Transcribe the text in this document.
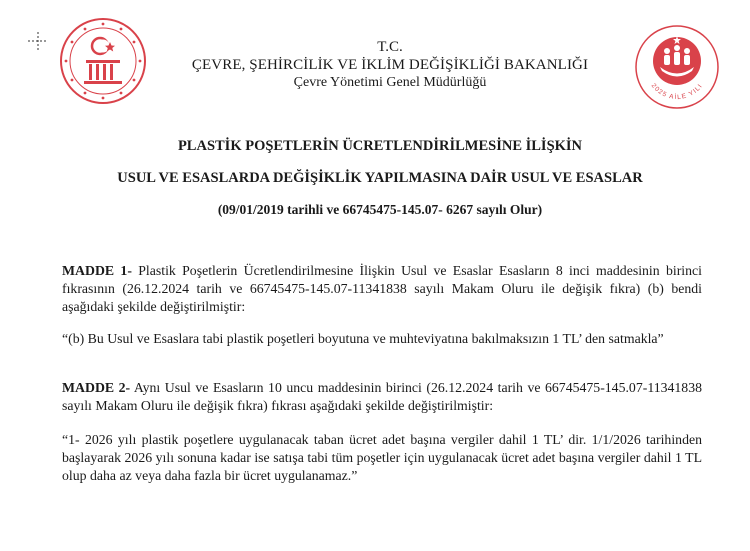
T.C.
ÇEVRE, ŞEHİRCİLİK VE İKLİM DEĞİŞİKLİĞİ BAKANLIĞI
Çevre Yönetimi Genel Müdürlüğü	2025 AİLE YILI
PLASTİK POŞETLERİN ÜCRETLENDİRİLMESİNE İLİŞKİN
USUL VE ESASLARDA DEĞİŞİKLİK YAPILMASINA DAİR USUL VE ESASLAR
(09/01/2019 tarihli ve 66745475-145.07- 6267 sayılı Olur)
MADDE 1- Plastik Poşetlerin Ücretlendirilmesine İlişkin Usul ve Esaslar Esasların 8 inci maddesinin birinci fıkrasının (26.12.2024 tarih ve 66745475-145.07-11341838 sayılı Makam Oluru ile değişik fıkra) (b) bendi aşağıdaki şekilde değiştirilmiştir:
“(b) Bu Usul ve Esaslara tabi plastik poşetleri boyutuna ve muhteviyatına bakılmaksızın 1 TL’ den satmakla”
MADDE 2- Aynı Usul ve Esasların 10 uncu maddesinin birinci (26.12.2024 tarih ve 66745475-145.07-11341838 sayılı Makam Oluru ile değişik fıkra) fıkrası aşağıdaki şekilde değiştirilmiştir:
“1- 2026 yılı plastik poşetlere uygulanacak taban ücret adet başına vergiler dahil 1 TL’ dir. 1/1/2026 tarihinden başlayarak 2026 yılı sonuna kadar ise satışa tabi tüm poşetler için uygulanacak ücret adet başına vergiler dahil 1 TL olup daha az veya daha fazla bir ücret uygulanamaz.”
